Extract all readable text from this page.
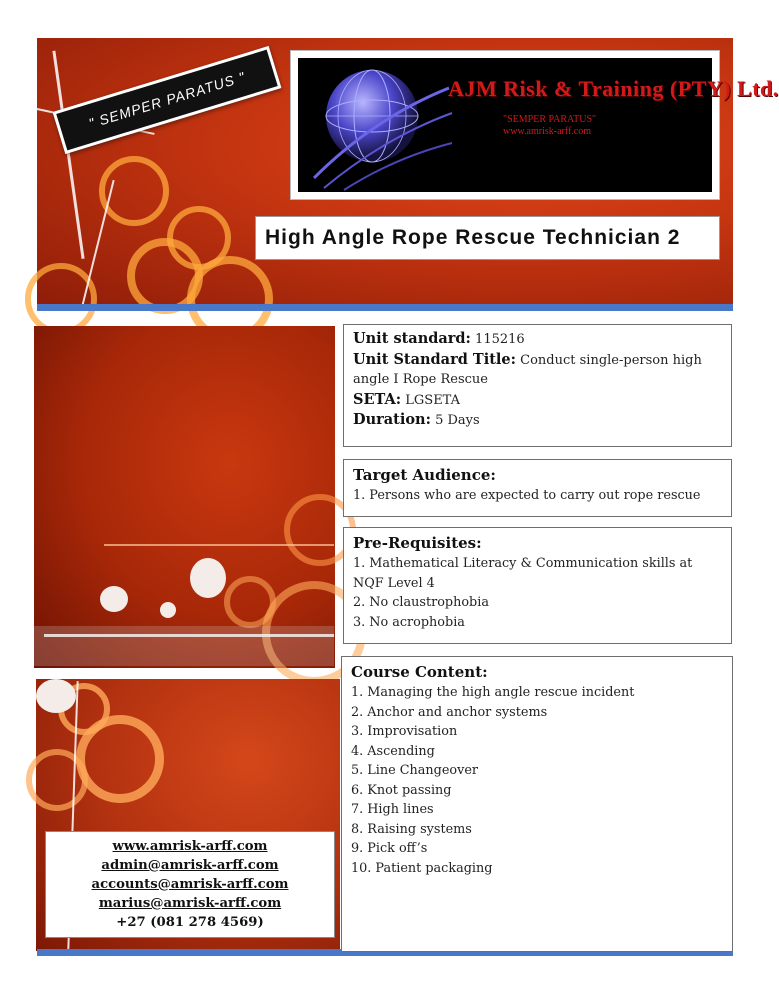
" SEMPER PARATUS "	AJM Risk & Training (PTY) Ltd.
"SEMPER PARATUS"
www.amrisk-arff.com
High Angle Rope Rescue Technician 2
www.amrisk-arff.com
admin@amrisk-arff.com
accounts@amrisk-arff.com
marius@amrisk-arff.com
+27 (081 278 4569)
Unit standard: 115216
Unit Standard Title: Conduct single-person high angle I Rope Rescue
SETA: LGSETA
Duration: 5 Days
Target Audience:
1. Persons who are expected to carry out rope rescue
Pre-Requisites:
1. Mathematical Literacy & Communication skills at NQF Level 4
2. No claustrophobia
3. No acrophobia
Course Content:
1. Managing the high angle rescue incident
2. Anchor and anchor systems
3. Improvisation
4. Ascending
5. Line Changeover
6. Knot passing
7. High lines
8. Raising systems
9. Pick off’s
10. Patient packaging
